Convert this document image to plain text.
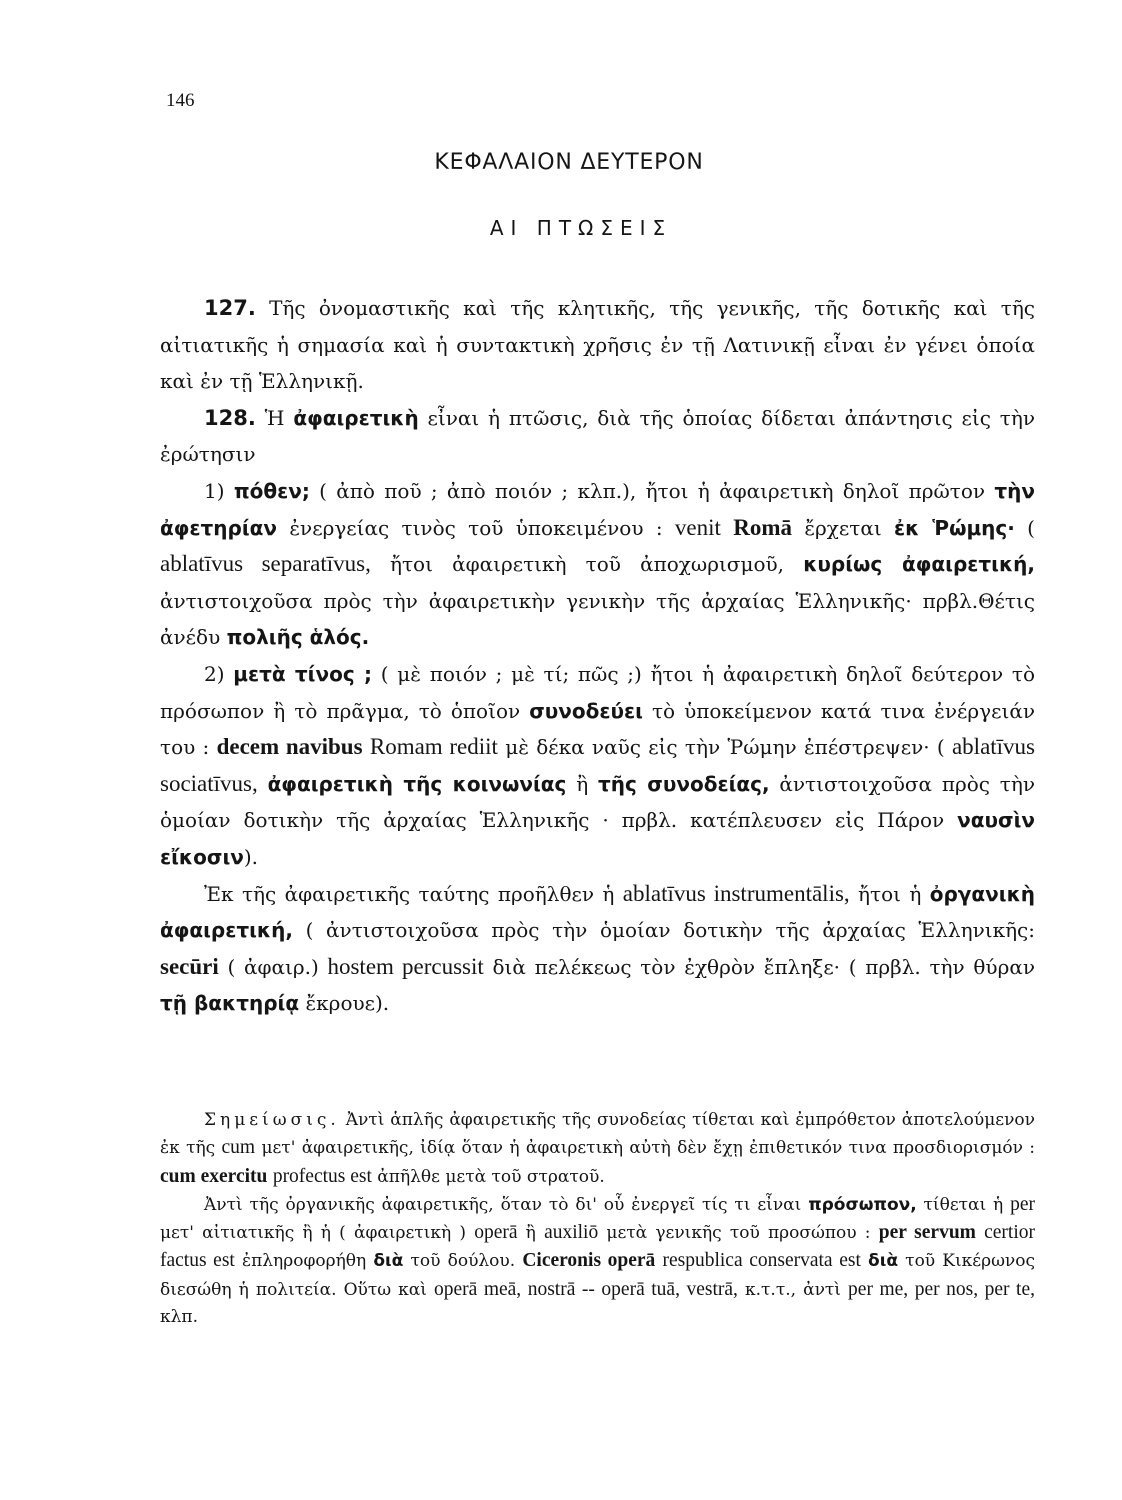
146
ΚΕΦΑΛΑΙΟΝ ΔΕΥΤΕΡΟΝ
ΑΙ ΠΤΩΣΕΙΣ

127. Τῆς ὀνομαστικῆς καὶ τῆς κλητικῆς, τῆς γενικῆς, τῆς δοτικῆς καὶ τῆς αἰτιατικῆς ἡ σημασία καὶ ἡ συντακτικὴ χρῆσις ἐν τῇ Λατινικῇ εἶναι ἐν γένει ὁποία καὶ ἐν τῇ Ἑλληνικῇ.

128. Ἡ ἀφαιρετικὴ εἶναι ἡ πτῶσις, διὰ τῆς ὁποίας δίδεται ἀπάντησις εἰς τὴν ἐρώτησιν

1) πόθεν; ( ἀπὸ ποῦ ; ἀπὸ ποιόν ; κλπ.), ἤτοι ἡ ἀφαιρετικὴ δηλοῖ πρῶτον τὴν ἀφετηρίαν ἐνεργείας τινὸς τοῦ ὑποκειμένου : venit Romā ἔρχεται ἐκ Ῥώμης· ( ablatīvus separatīvus, ἤτοι ἀφαιρετικὴ τοῦ ἀποχωρισμοῦ, κυρίως ἀφαιρετική, ἀντιστοιχοῦσα πρὸς τὴν ἀφαιρετικὴν γενικὴν τῆς ἀρχαίας Ἑλληνικῆς· πρβλ.Θέτις ἀνέδυ πολιῆς ἁλός.

2) μετὰ τίνος ; ( μὲ ποιόν ; μὲ τί; πῶς ;) ἤτοι ἡ ἀφαιρετικὴ δηλοῖ δεύτερον τὸ πρόσωπον ἢ τὸ πρᾶγμα, τὸ ὁποῖον συνοδεύει τὸ ὑποκείμενον κατά τινα ἐνέργειάν του : decem navibus Romam rediit μὲ δέκα ναῦς εἰς τὴν Ῥώμην ἐπέστρεψεν· ( ablatīvus sociatīvus, ἀφαιρετικὴ τῆς κοινωνίας ἢ τῆς συνοδείας, ἀντιστοιχοῦσα πρὸς τὴν ὁμοίαν δοτικὴν τῆς ἀρχαίας Ἑλληνικῆς · πρβλ. κατέπλευσεν εἰς Πάρον ναυσὶν εἴκοσιν).

Ἐκ τῆς ἀφαιρετικῆς ταύτης προῆλθεν ἡ ablatīvus instrumentālis, ἤτοι ἡ ὀργανικὴ ἀφαιρετική, ( ἀντιστοιχοῦσα πρὸς τὴν ὁμοίαν δοτικὴν τῆς ἀρχαίας Ἑλληνικῆς: secūri ( ἀφαιρ.) hostem percussit διὰ πελέκεως τὸν ἐχθρὸν ἔπληξε· ( πρβλ. τὴν θύραν τῇ βακτηρίᾳ ἔκρουε).

Σημείωσις. Ἀντὶ ἁπλῆς ἀφαιρετικῆς τῆς συνοδείας τίθεται καὶ ἐμπρόθετον ἀποτελούμενον ἐκ τῆς cum μετ' ἀφαιρετικῆς, ἰδίᾳ ὅταν ἡ ἀφαιρετικὴ αὐτὴ δὲν ἔχῃ ἐπιθετικόν τινα προσδιορισμόν : cum exercitu profectus est ἀπῆλθε μετὰ τοῦ στρατοῦ.

Ἀντὶ τῆς ὀργανικῆς ἀφαιρετικῆς, ὅταν τὸ δι' οὗ ἐνεργεῖ τίς τι εἶναι πρόσωπον, τίθεται ἡ per μετ' αἰτιατικῆς ἢ ἡ ( ἀφαιρετικὴ ) operā ἢ auxiliō μετὰ γενικῆς τοῦ προσώπου : per servum certior factus est ἐπληροφορήθη διὰ τοῦ δούλου. Ciceronis operā respublica conservata est διὰ τοῦ Κικέρωνος διεσώθη ἡ πολιτεία. Οὕτω καὶ operā meā, nostrā -- operā tuā, vestrā, κ.τ.τ., ἀντὶ per me, per nos, per te, κλπ.
